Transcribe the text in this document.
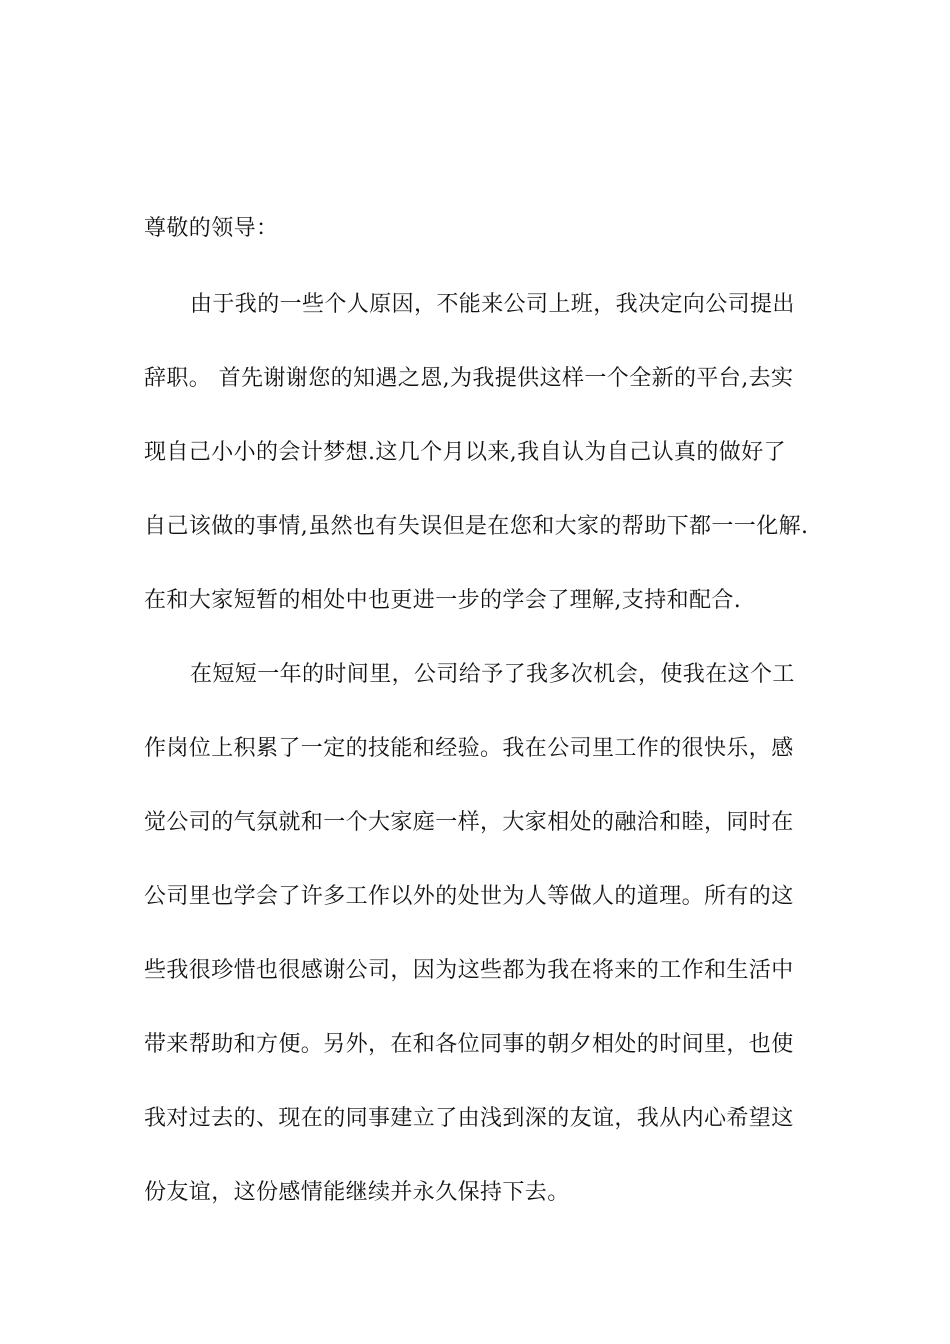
尊敬的领导：
由于我的一些个人原因，不能来公司上班，我决定向公司提出
辞职。 首先谢谢您的知遇之恩,为我提供这样一个全新的平台,去实
现自己小小的会计梦想.这几个月以来,我自认为自己认真的做好了
自己该做的事情,虽然也有失误但是在您和大家的帮助下都一一化解.
在和大家短暂的相处中也更进一步的学会了理解,支持和配合.
在短短一年的时间里，公司给予了我多次机会，使我在这个工
作岗位上积累了一定的技能和经验。我在公司里工作的很快乐，感
觉公司的气氛就和一个大家庭一样，大家相处的融洽和睦，同时在
公司里也学会了许多工作以外的处世为人等做人的道理。所有的这
些我很珍惜也很感谢公司，因为这些都为我在将来的工作和生活中
带来帮助和方便。另外，在和各位同事的朝夕相处的时间里，也使
我对过去的、现在的同事建立了由浅到深的友谊，我从内心希望这
份友谊，这份感情能继续并永久保持下去。
